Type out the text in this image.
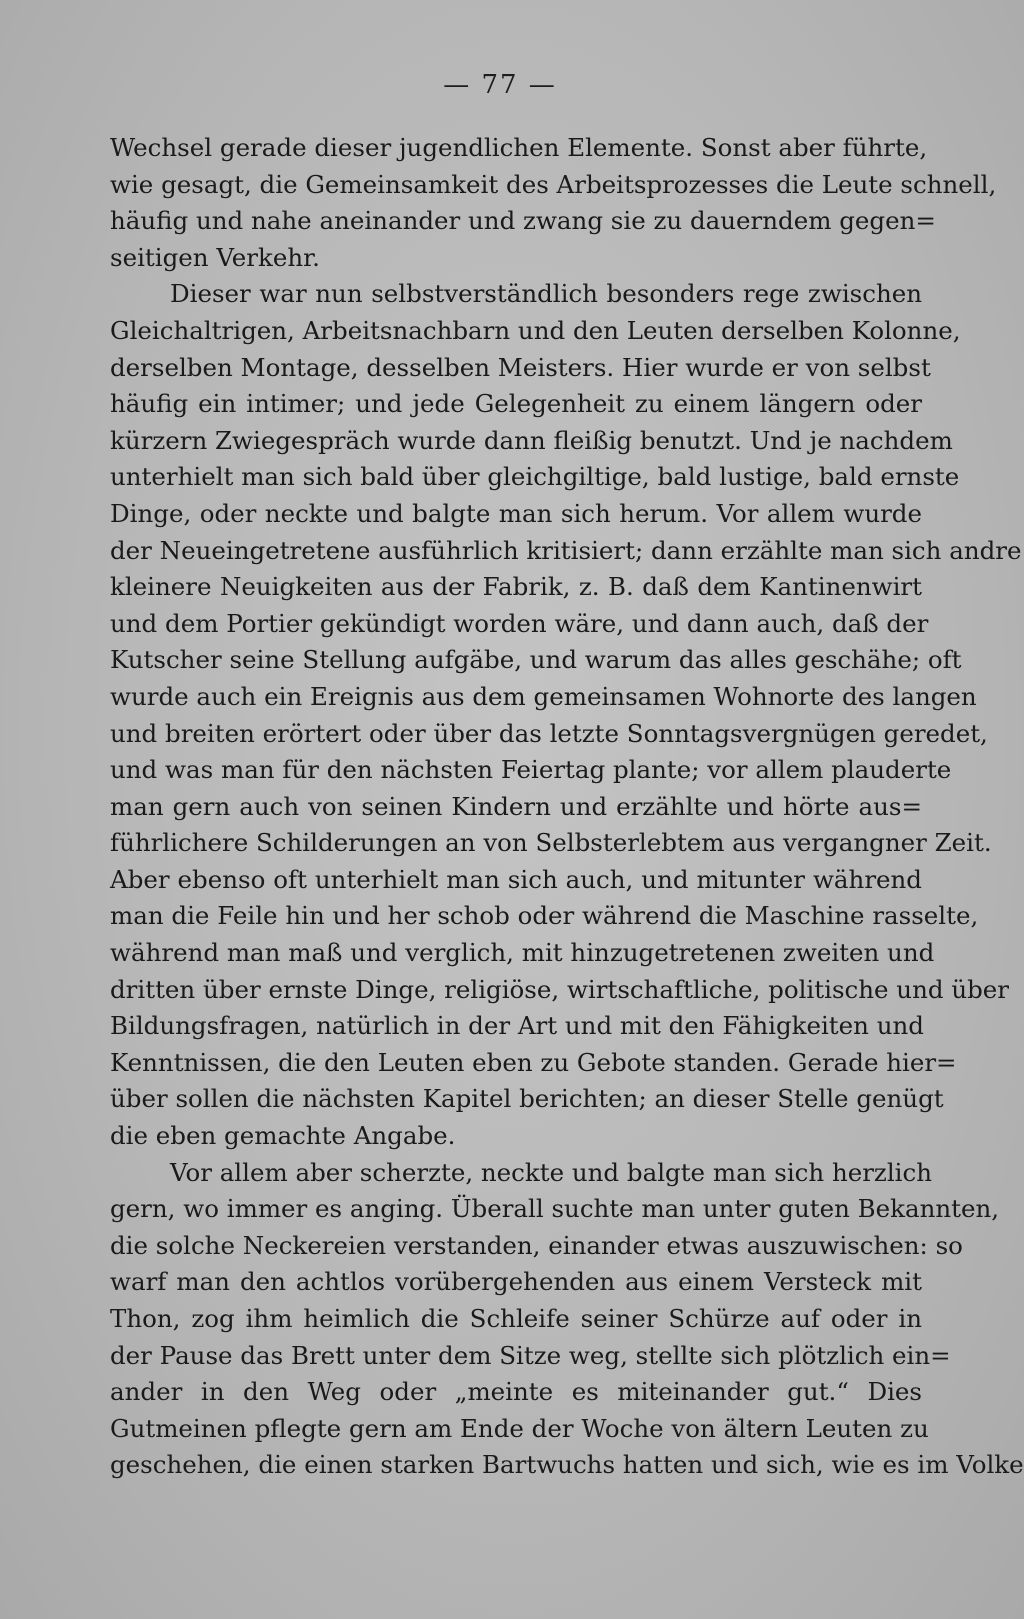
— 77 —
Wechsel gerade dieser jugendlichen Elemente. Sonst aber führte,
wie gesagt, die Gemeinsamkeit des Arbeitsprozesses die Leute schnell,
häufig und nahe aneinander und zwang sie zu dauerndem gegen=
seitigen Verkehr.
Dieser war nun selbstverständlich besonders rege zwischen
Gleichaltrigen, Arbeitsnachbarn und den Leuten derselben Kolonne,
derselben Montage, desselben Meisters. Hier wurde er von selbst
häufig ein intimer; und jede Gelegenheit zu einem längern oder
kürzern Zwiegespräch wurde dann fleißig benutzt. Und je nachdem
unterhielt man sich bald über gleichgiltige, bald lustige, bald ernste
Dinge, oder neckte und balgte man sich herum. Vor allem wurde
der Neueingetretene ausführlich kritisiert; dann erzählte man sich andre
kleinere Neuigkeiten aus der Fabrik, z. B. daß dem Kantinenwirt
und dem Portier gekündigt worden wäre, und dann auch, daß der
Kutscher seine Stellung aufgäbe, und warum das alles geschähe; oft
wurde auch ein Ereignis aus dem gemeinsamen Wohnorte des langen
und breiten erörtert oder über das letzte Sonntagsvergnügen geredet,
und was man für den nächsten Feiertag plante; vor allem plauderte
man gern auch von seinen Kindern und erzählte und hörte aus=
führlichere Schilderungen an von Selbsterlebtem aus vergangner Zeit.
Aber ebenso oft unterhielt man sich auch, und mitunter während
man die Feile hin und her schob oder während die Maschine rasselte,
während man maß und verglich, mit hinzugetretenen zweiten und
dritten über ernste Dinge, religiöse, wirtschaftliche, politische und über
Bildungsfragen, natürlich in der Art und mit den Fähigkeiten und
Kenntnissen, die den Leuten eben zu Gebote standen. Gerade hier=
über sollen die nächsten Kapitel berichten; an dieser Stelle genügt
die eben gemachte Angabe.
Vor allem aber scherzte, neckte und balgte man sich herzlich
gern, wo immer es anging. Überall suchte man unter guten Bekannten,
die solche Neckereien verstanden, einander etwas auszuwischen: so
warf man den achtlos vorübergehenden aus einem Versteck mit
Thon, zog ihm heimlich die Schleife seiner Schürze auf oder in
der Pause das Brett unter dem Sitze weg, stellte sich plötzlich ein=
ander in den Weg oder „meinte es miteinander gut.“ Dies
Gutmeinen pflegte gern am Ende der Woche von ältern Leuten zu
geschehen, die einen starken Bartwuchs hatten und sich, wie es im Volke
